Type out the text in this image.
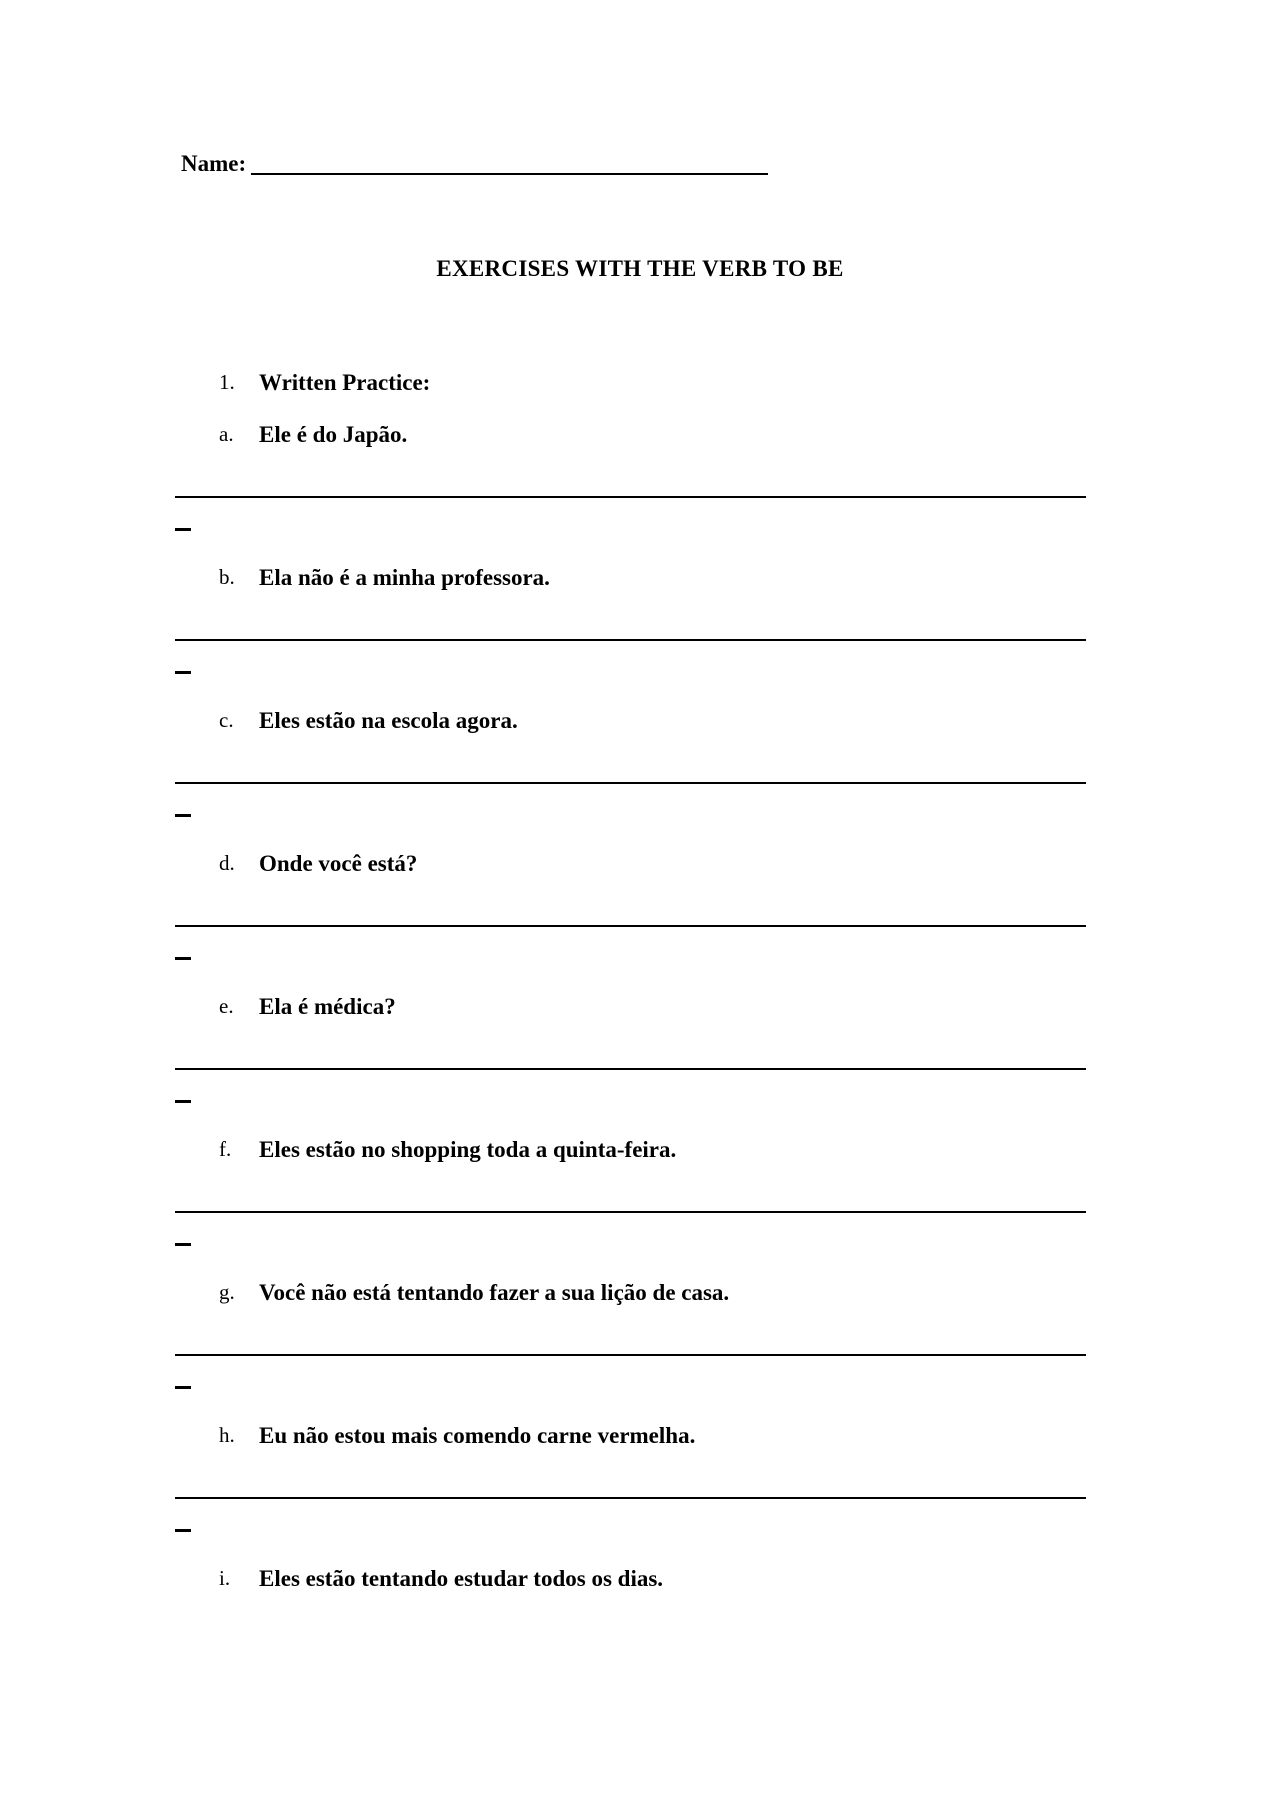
Name:
EXERCISES WITH THE VERB TO BE
1.	Written Practice:
a.	Ele é do Japão.
b.	Ela não é a minha professora.
c.	Eles estão na escola agora.
d.	Onde você está?
e.	Ela é médica?
f.	Eles estão no shopping toda a quinta-feira.
g.	Você não está tentando fazer a sua lição de casa.
h.	Eu não estou mais comendo carne vermelha.
i.	Eles estão tentando estudar todos os dias.
